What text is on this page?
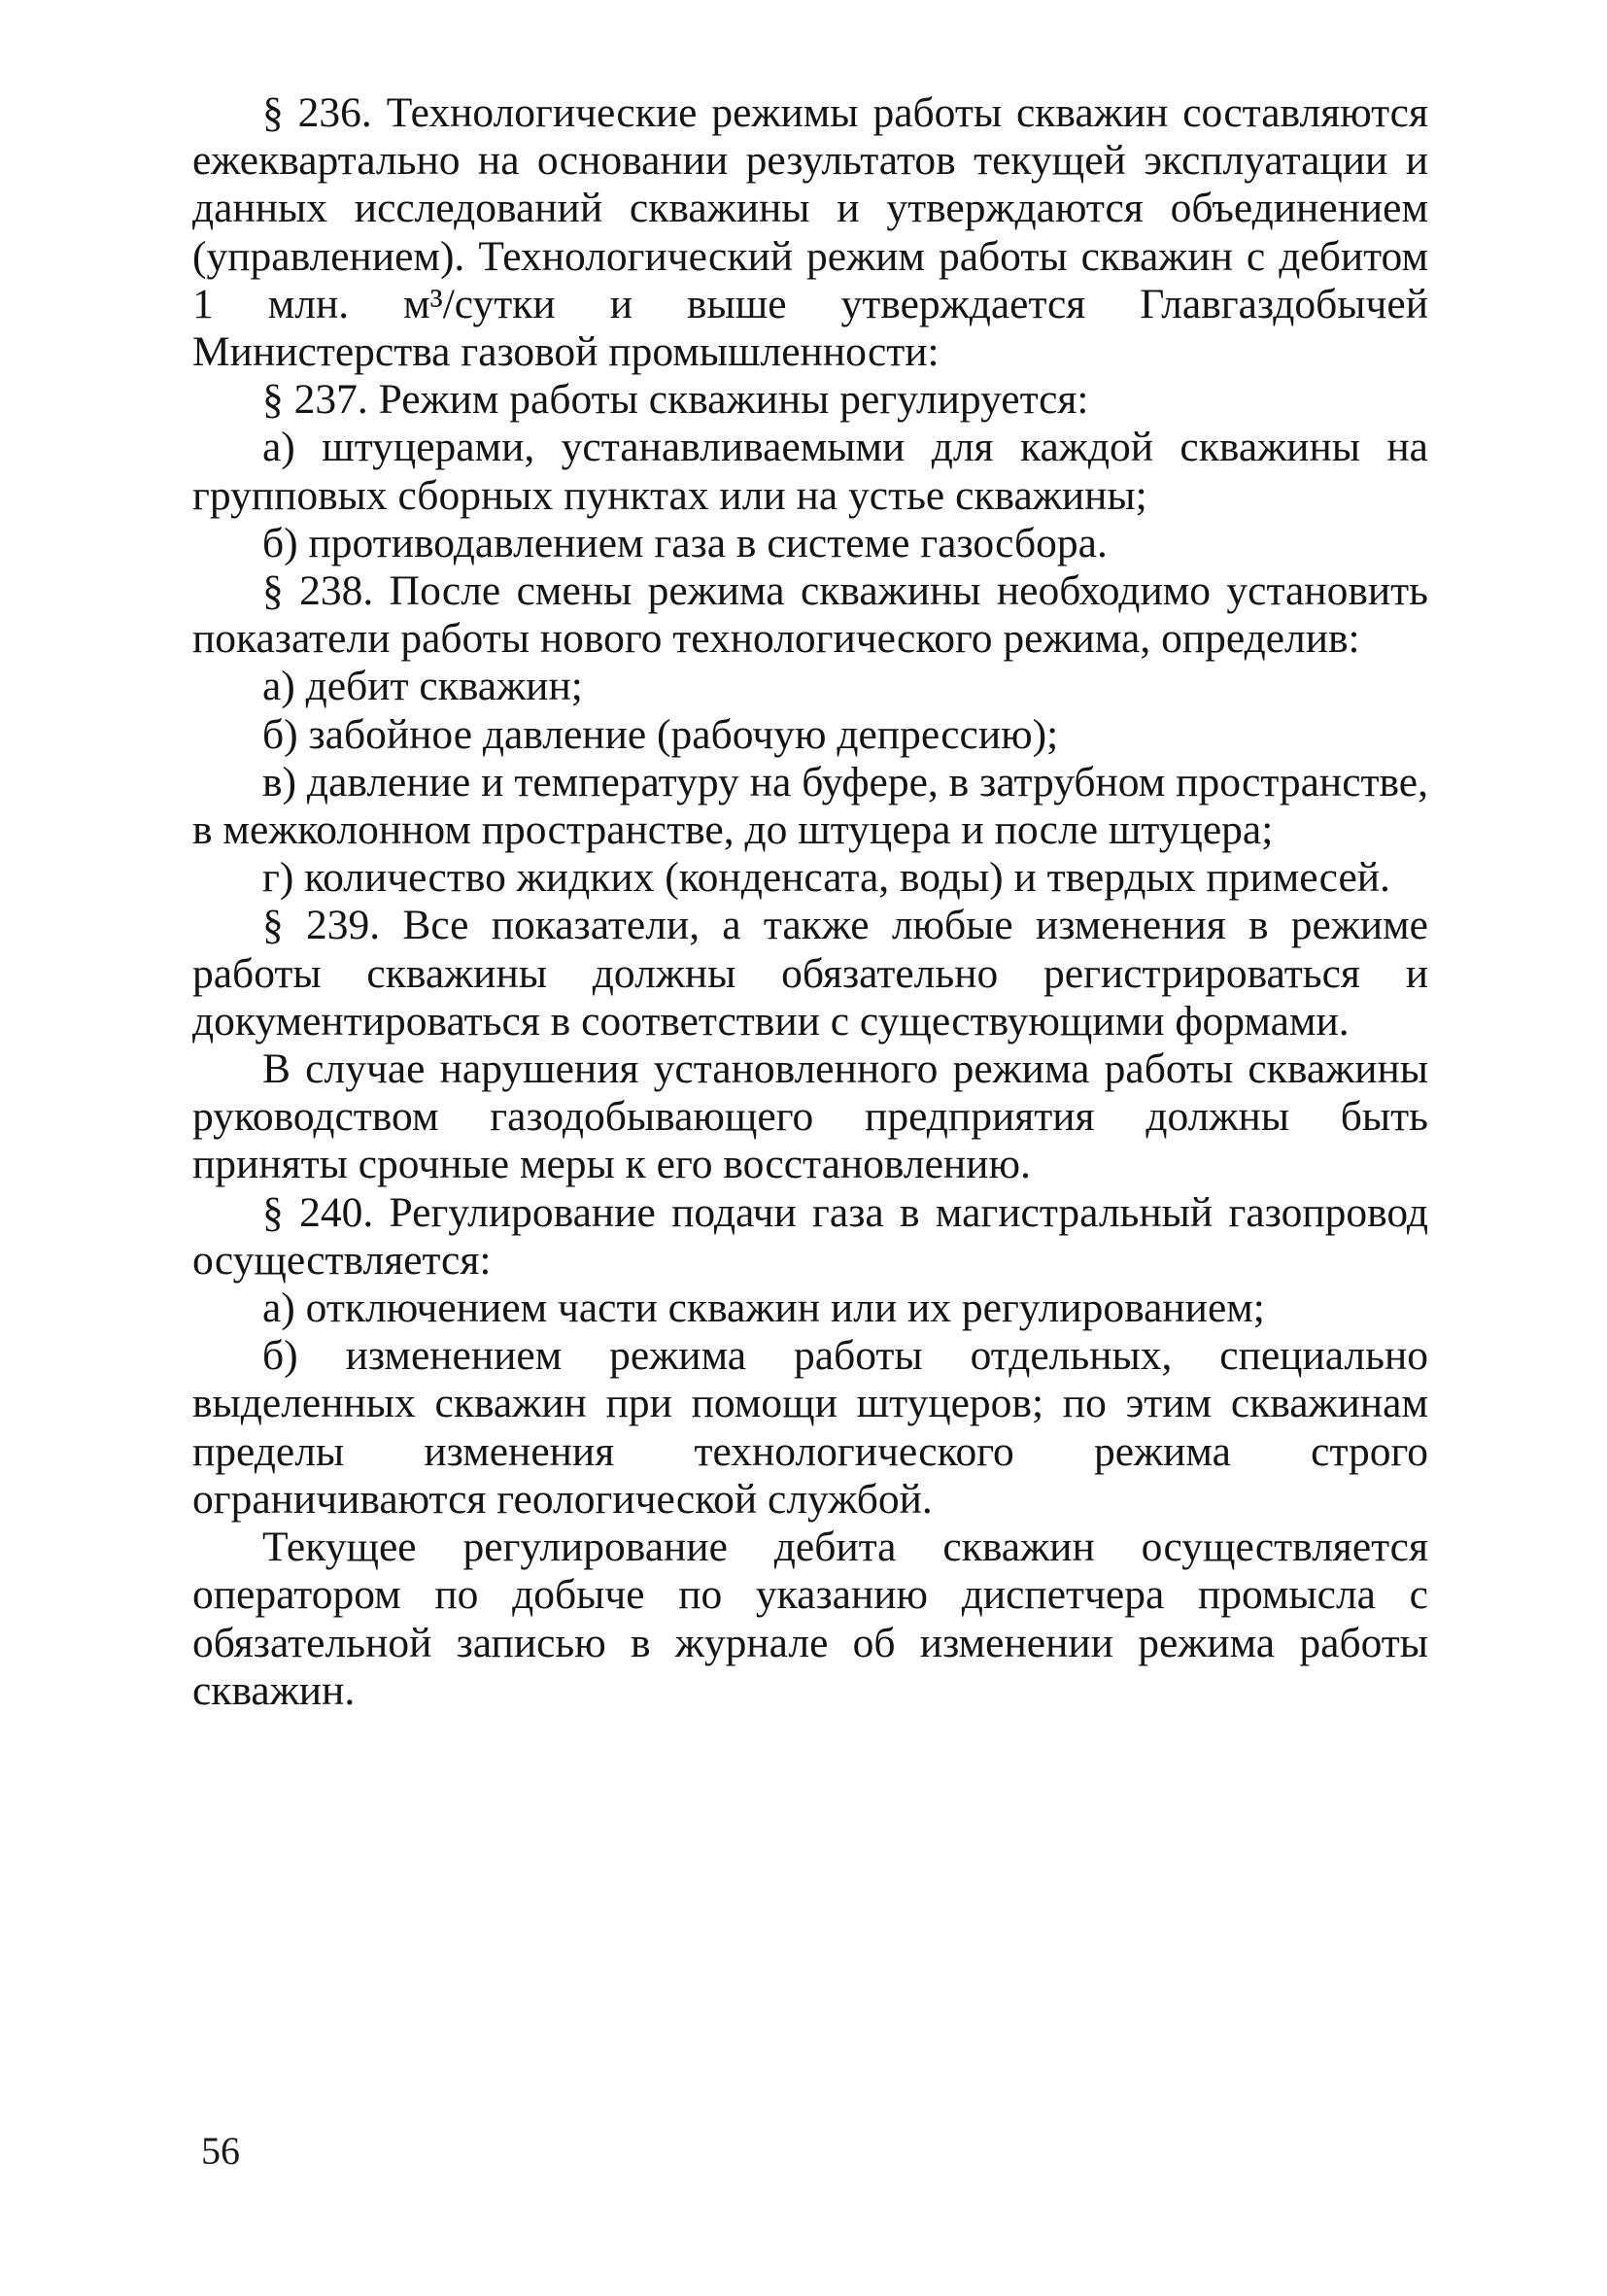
§ 236. Технологические режимы работы скважин составляются ежеквартально на основании результатов текущей эксплуатации и данных исследований скважины и утверждаются объединением (управлением). Технологический режим работы скважин с дебитом 1 млн. м³/сутки и выше утверждается Главгаздобычей Министерства газовой промышленности:

§ 237. Режим работы скважины регулируется:

а) штуцерами, устанавливаемыми для каждой скважины на групповых сборных пунктах или на устье скважины;

б) противодавлением газа в системе газосбора.

§ 238. После смены режима скважины необходимо установить показатели работы нового технологического режима, определив:

а) дебит скважин;

б) забойное давление (рабочую депрессию);

в) давление и температуру на буфере, в затрубном пространстве, в межколонном пространстве, до штуцера и после штуцера;

г) количество жидких (конденсата, воды) и твердых примесей.

§ 239. Все показатели, а также любые изменения в режиме работы скважины должны обязательно регистрироваться и документироваться в соответствии с существующими формами.

В случае нарушения установленного режима работы скважины руководством газодобывающего предприятия должны быть приняты срочные меры к его восстановлению.

§ 240. Регулирование подачи газа в магистральный газопровод осуществляется:

а) отключением части скважин или их регулированием;

б) изменением режима работы отдельных, специально выделенных скважин при помощи штуцеров; по этим скважинам пределы изменения технологического режима строго ограничиваются геологической службой.

Текущее регулирование дебита скважин осуществляется оператором по добыче по указанию диспетчера промысла с обязательной записью в журнале об изменении режима работы скважин.

56
